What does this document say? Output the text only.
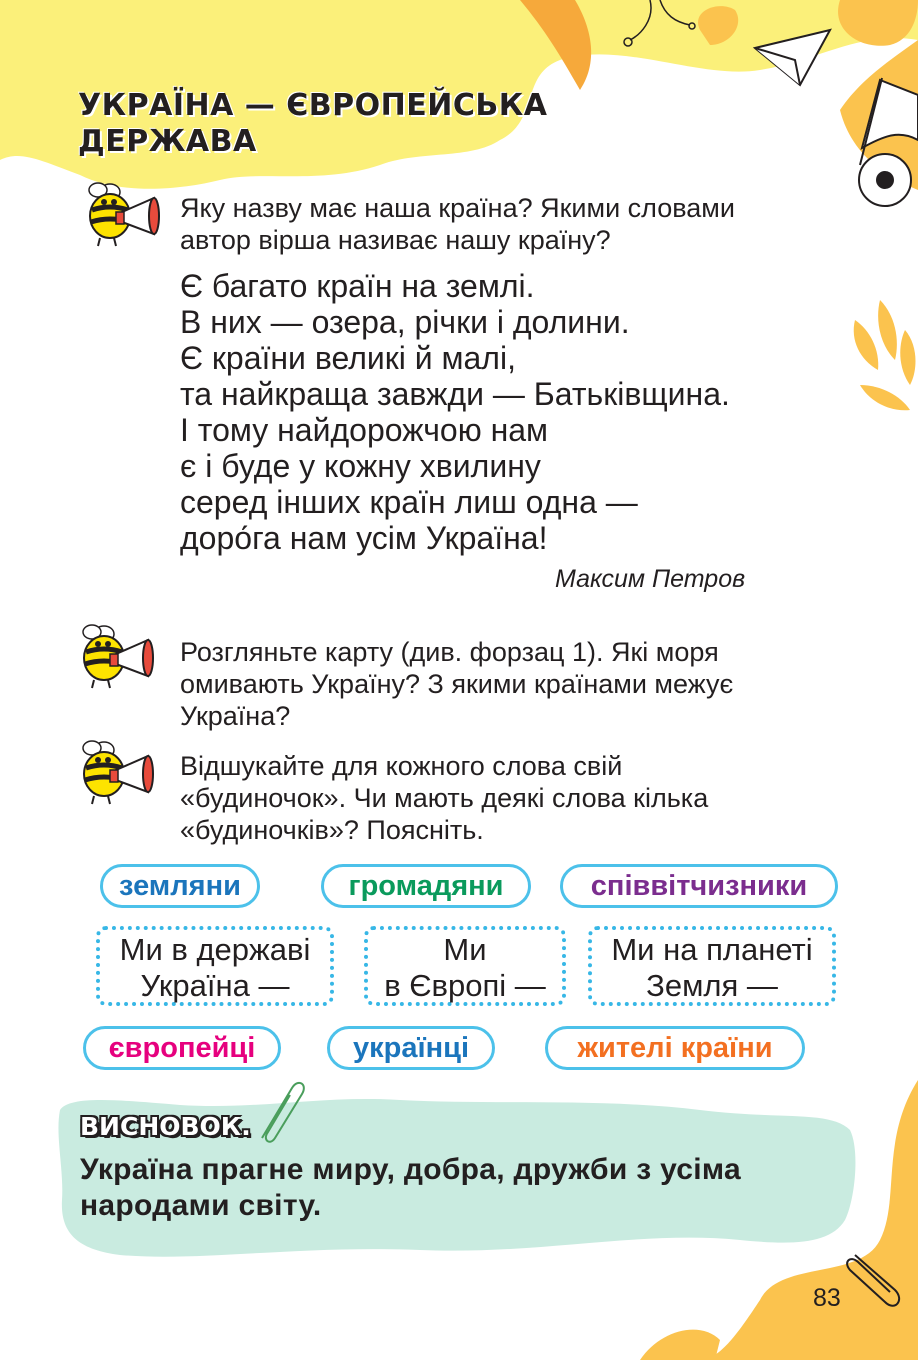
УКРАЇНА — ЄВРОПЕЙСЬКА
ДЕРЖАВА
Яку назву має наша країна? Якими словами
автор вірша називає нашу країну?
Є багато країн на землі.
В них — озера, річки і долини.
Є країни великі й малі,
та найкраща завжди — Батьківщина.
І тому найдорожчою нам
є і буде у кожну хвилину
серед інших країн лиш одна —
доро́га нам усім Україна!
Максим Петров
Розгляньте карту (див. форзац 1). Які моря
омивають Україну? З якими країнами межує
Україна?
Відшукайте для кожного слова свій
«будиночок». Чи мають деякі слова кілька
«будиночків»? Поясніть.
земляни	громадяни	співвітчизники
Ми в державі
Україна —
Ми
в Європі —
Ми на планеті
Земля —
європейці	українці	жителі країни
ВИСНОВОК.
Україна прагне миру, добра, дружби з усіма
народами світу.
83
